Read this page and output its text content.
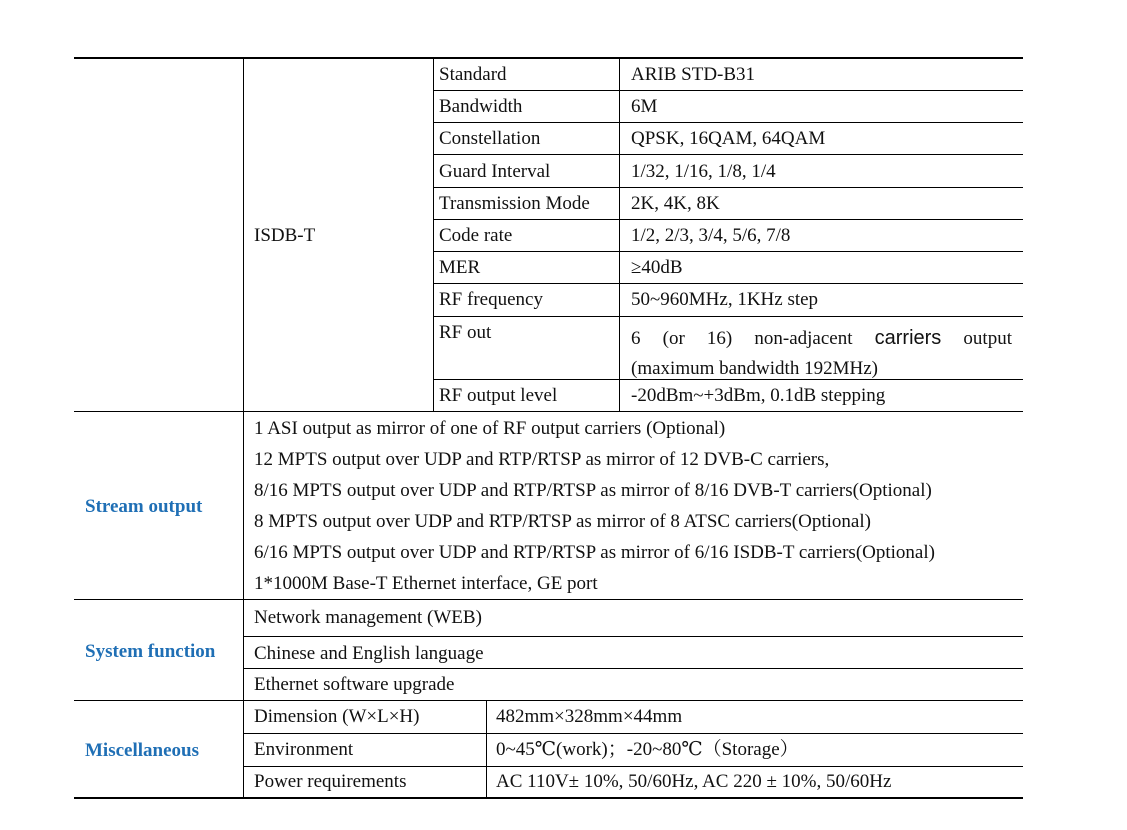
ISDB-T
Standard	ARIB STD-B31
Bandwidth	6M
Constellation	QPSK, 16QAM, 64QAM
Guard Interval	1/32, 1/16, 1/8, 1/4
Transmission Mode 2K, 4K, 8K
Code rate	1/2, 2/3, 3/4, 5/6, 7/8
MER	≥40dB
RF frequency	50~960MHz, 1KHz step
RF out	6 (or 16) non-adjacent carriers output (maximum bandwidth 192MHz)
RF output level	-20dBm~+3dBm, 0.1dB stepping
Stream output
1 ASI output as mirror of one of RF output carriers (Optional)
12 MPTS output over UDP and RTP/RTSP as mirror of 12 DVB-C carriers,
8/16 MPTS output over UDP and RTP/RTSP as mirror of 8/16 DVB-T carriers(Optional)
8 MPTS output over UDP and RTP/RTSP as mirror of 8 ATSC carriers(Optional)
6/16 MPTS output over UDP and RTP/RTSP as mirror of 6/16 ISDB-T carriers(Optional)
1*1000M Base-T Ethernet interface, GE port
System function
Network management (WEB)
Chinese and English language
Ethernet software upgrade
Miscellaneous
Dimension (W×L×H)	482mm×328mm×44mm
Environment	0~45℃(work)；-20~80℃（Storage）
Power requirements	AC 110V± 10%, 50/60Hz, AC 220 ± 10%, 50/60Hz
